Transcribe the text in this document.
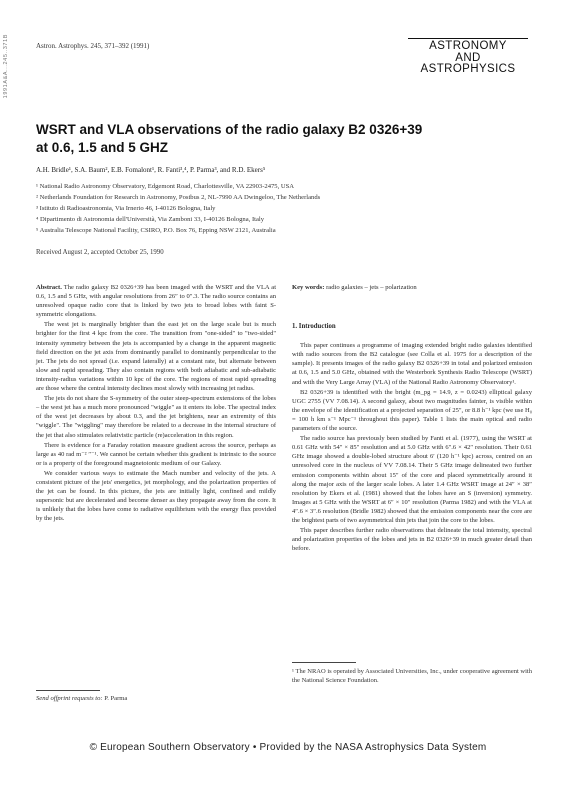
1991A&A...245..371B	Astron. Astrophys. 245, 371–392 (1991)	ASTRONOMY
AND
ASTROPHYSICS
WSRT and VLA observations of the radio galaxy B2 0326+39
at 0.6, 1.5 and 5 GHZ
A.H. Bridle¹, S.A. Baum², E.B. Fomalont¹, R. Fanti³,⁴, P. Parma³, and R.D. Ekers⁵
¹ National Radio Astronomy Observatory, Edgemont Road, Charlottesville, VA 22903-2475, USA
² Netherlands Foundation for Research in Astronomy, Postbus 2, NL-7990 AA Dwingeloo, The Netherlands
³ Istituto di Radioastronomia, Via Irnerio 46, I-40126 Bologna, Italy
⁴ Dipartimento di Astronomia dell'Università, Via Zamboni 33, I-40126 Bologna, Italy
⁵ Australia Telescope National Facility, CSIRO, P.O. Box 76, Epping NSW 2121, Australia
Received August 2, accepted October 25, 1990

Abstract. The radio galaxy B2 0326+39 has been imaged with the WSRT and the VLA at 0.6, 1.5 and 5 GHz, with angular resolutions from 26″ to 0″.3. The radio source contains an unresolved opaque radio core that is linked by two jets to broad lobes with faint S-symmetric elongations.

The west jet is marginally brighter than the east jet on the large scale but is much brighter for the first 4 kpc from the core. The transition from "one-sided" to "two-sided" intensity symmetry between the jets is accompanied by a change in the apparent magnetic field direction on the jet axis from dominantly parallel to dominantly perpendicular to the jet. The jets do not spread (i.e. expand laterally) at a constant rate, but alternate between slow and rapid spreading. They also contain regions with both adiabatic and sub-adiabatic intensity-radius variations within 10 kpc of the core. The regions of most rapid spreading are those where the central intensity declines most slowly with increasing jet radius.

The jets do not share the S-symmetry of the outer steep-spectrum extensions of the lobes – the west jet has a much more pronounced "wiggle" as it enters its lobe. The spectral index of the west jet decreases by about 0.3, and the jet brightens, near an extremity of this "wiggle". The "wiggling" may therefore be related to a decrease in the internal structure of the jet that also stimulates relativistic particle (re)acceleration in this region.

There is evidence for a Faraday rotation measure gradient across the source, perhaps as large as 40 rad m⁻² ″⁻¹. We cannot be certain whether this gradient is intrinsic to the source or is a property of the foreground magnetoionic medium of our Galaxy.

We consider various ways to estimate the Mach number and velocity of the jets. A consistent picture of the jets' energetics, jet morphology, and the polarization properties of the jet can be found. In this picture, the jets are initially light, confined and mildly supersonic but are decelerated and become denser as they propagate away from the core. It is unlikely that the lobes have come to radiative equilibrium with the energy flux provided by the jets.

Key words: radio galaxies – jets – polarization

1. Introduction

This paper continues a programme of imaging extended bright radio galaxies identified with radio sources from the B2 catalogue (see Colla et al. 1975 for a description of the sample). It presents images of the radio galaxy B2 0326+39 in total and polarized emission at 0.6, 1.5 and 5.0 GHz, obtained with the Westerbork Synthesis Radio Telescope (WSRT) and with the Very Large Array (VLA) of the National Radio Astronomy Observatory¹.

B2 0326+39 is identified with the bright (m_pg = 14.9, z = 0.0243) elliptical galaxy UGC 2755 (VV 7.08.14). A second galaxy, about two magnitudes fainter, is visible within the envelope of the identification at a projected separation of 25″, or 8.8 h⁻¹ kpc (we use H₀ = 100 h km s⁻¹ Mpc⁻¹ throughout this paper). Table 1 lists the main optical and radio parameters of the source.

The radio source has previously been studied by Fanti et al. (1977), using the WSRT at 0.61 GHz with 54″ × 85″ resolution and at 5.0 GHz with 6″.6 × 42″ resolution. Their 0.61 GHz image showed a double-lobed structure about 6′ (120 h⁻¹ kpc) across, centred on an unresolved core in the nucleus of VV 7.08.14. Their 5 GHz image delineated two further emission components within about 15″ of the core and placed symmetrically around it along the major axis of the larger scale lobes. A later 1.4 GHz WSRT image at 24″ × 38″ resolution by Ekers et al. (1981) showed that the lobes have an S (inversion) symmetry. Images at 5 GHz with the WSRT at 6″ × 10″ resolution (Parma 1982) and with the VLA at 4″.6 × 3″.6 resolution (Bridle 1982) showed that the emission components near the core are the brightest parts of two asymmetrical thin jets that join the core to the lobes.

This paper describes further radio observations that delineate the total intensity, spectral and polarization properties of the lobes and jets in B2 0326+39 in much greater detail than before.

Send offprint requests to: P. Parma
¹ The NRAO is operated by Associated Universities, Inc., under cooperative agreement with the National Science Foundation.
© European Southern Observatory • Provided by the NASA Astrophysics Data System
